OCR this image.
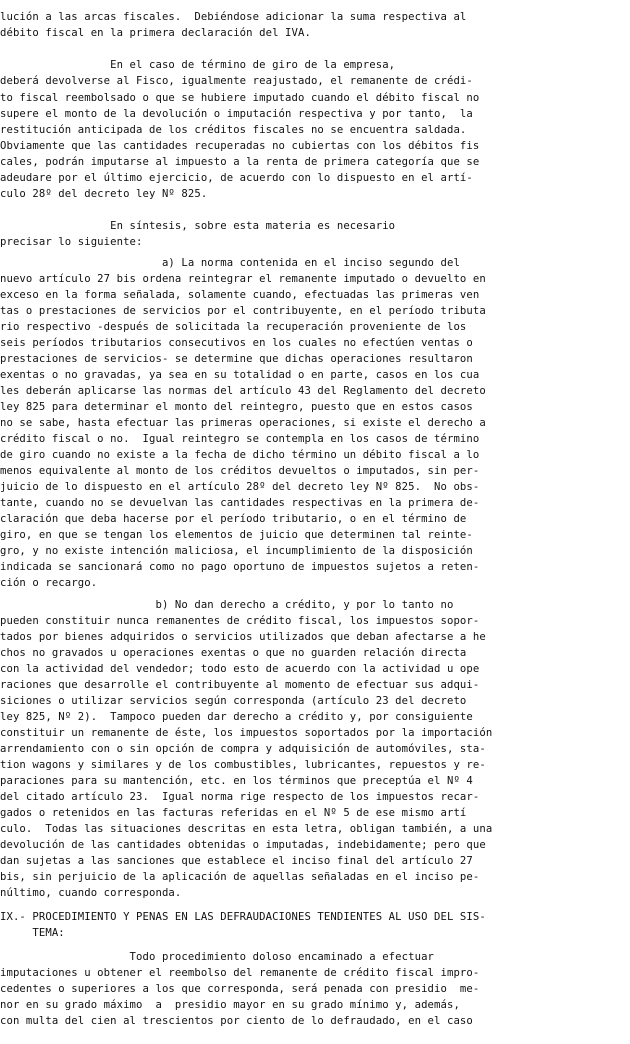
lución a las arcas fiscales.  Debiéndose adicionar la suma respectiva al
débito fiscal en la primera declaración del IVA.
En el caso de término de giro de la empresa,
deberá devolverse al Fisco, igualmente reajustado, el remanente de crédi-
to fiscal reembolsado o que se hubiere imputado cuando el débito fiscal no
supere el monto de la devolución o imputación respectiva y por tanto,  la
restitución anticipada de los créditos fiscales no se encuentra saldada.
Obviamente que las cantidades recuperadas no cubiertas con los débitos fis
cales, podrán imputarse al impuesto a la renta de primera categoría que se
adeudare por el último ejercicio, de acuerdo con lo dispuesto en el artí-
culo 28º del decreto ley Nº 825.
En síntesis, sobre esta materia es necesario
precisar lo siguiente:
a) La norma contenida en el inciso segundo del
nuevo artículo 27 bis ordena reintegrar el remanente imputado o devuelto en
exceso en la forma señalada, solamente cuando, efectuadas las primeras ven
tas o prestaciones de servicios por el contribuyente, en el período tributa
rio respectivo -después de solicitada la recuperación proveniente de los
seis períodos tributarios consecutivos en los cuales no efectúen ventas o
prestaciones de servicios- se determine que dichas operaciones resultaron
exentas o no gravadas, ya sea en su totalidad o en parte, casos en los cua
les deberán aplicarse las normas del artículo 43 del Reglamento del decreto
ley 825 para determinar el monto del reintegro, puesto que en estos casos
no se sabe, hasta efectuar las primeras operaciones, si existe el derecho a
crédito fiscal o no.  Igual reintegro se contempla en los casos de término
de giro cuando no existe a la fecha de dicho término un débito fiscal a lo
menos equivalente al monto de los créditos devueltos o imputados, sin per-
juicio de lo dispuesto en el artículo 28º del decreto ley Nº 825.  No obs-
tante, cuando no se devuelvan las cantidades respectivas en la primera de-
claración que deba hacerse por el período tributario, o en el término de
giro, en que se tengan los elementos de juicio que determinen tal reinte-
gro, y no existe intención maliciosa, el incumplimiento de la disposición
indicada se sancionará como no pago oportuno de impuestos sujetos a reten-
ción o recargo.
b) No dan derecho a crédito, y por lo tanto no
pueden constituir nunca remanentes de crédito fiscal, los impuestos sopor-
tados por bienes adquiridos o servicios utilizados que deban afectarse a he
chos no gravados u operaciones exentas o que no guarden relación directa
con la actividad del vendedor; todo esto de acuerdo con la actividad u ope
raciones que desarrolle el contribuyente al momento de efectuar sus adqui-
siciones o utilizar servicios según corresponda (artículo 23 del decreto
ley 825, Nº 2).  Tampoco pueden dar derecho a crédito y, por consiguiente
constituir un remanente de éste, los impuestos soportados por la importación
arrendamiento con o sin opción de compra y adquisición de automóviles, sta-
tion wagons y similares y de los combustibles, lubricantes, repuestos y re-
paraciones para su mantención, etc. en los términos que preceptúa el Nº 4
del citado artículo 23.  Igual norma rige respecto de los impuestos recar-
gados o retenidos en las facturas referidas en el Nº 5 de ese mismo artí
culo.  Todas las situaciones descritas en esta letra, obligan también, a una
devolución de las cantidades obtenidas o imputadas, indebidamente; pero que
dan sujetas a las sanciones que establece el inciso final del artículo 27
bis, sin perjuicio de la aplicación de aquellas señaladas en el inciso pe-
núltimo, cuando corresponda.
IX.- PROCEDIMIENTO Y PENAS EN LAS DEFRAUDACIONES TENDIENTES AL USO DEL SIS-
TEMA:
Todo procedimiento doloso encaminado a efectuar
imputaciones u obtener el reembolso del remanente de crédito fiscal impro-
cedentes o superiores a los que corresponda, será penada con presidio  me-
nor en su grado máximo  a  presidio mayor en su grado mínimo y, además,
con multa del cien al trescientos por ciento de lo defraudado, en el caso
